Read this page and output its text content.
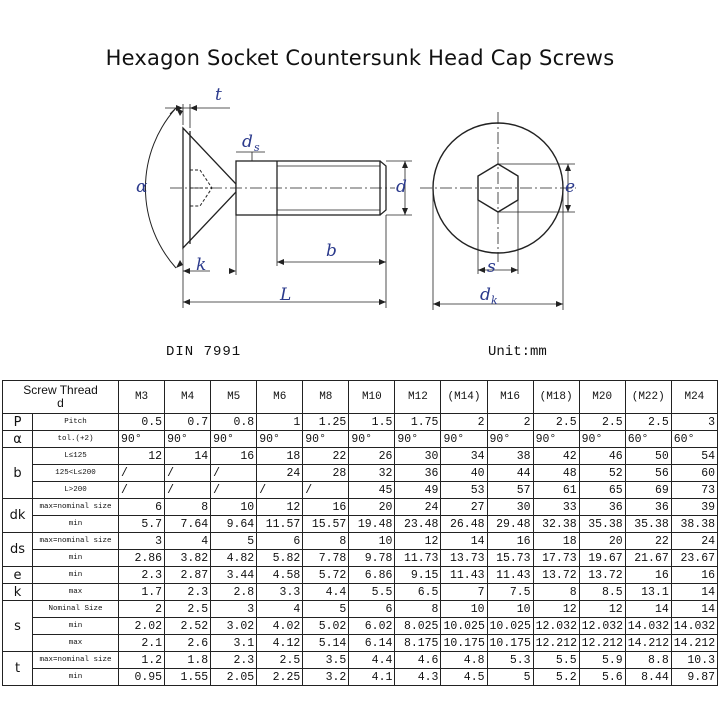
Hexagon Socket Countersunk Head Cap Screws
t
d s
α	d
k
b
L
e
s
d k
DIN 7991	Unit:mm
Screw Thread
d		M3	M4	M5	M6	M8	M10	M12	(M14)	M16	(M18)	M20	(M22)	M24
P	Pitch	0.5	0.7	0.8	1	1.25	1.5	1.75	2	2	2.5	2.5	2.5	3
α	tol.(+2)	90°	90°	90°	90°	90°	90°	90°	90°	90°	90°	90°	60°	60°
b	L≤125	12	14	16	18	22	26	30	34	38	42	46	50	54
	125<L≤200	/	/	/	24	28	32	36	40	44	48	52	56	60
	L>200	/	/	/	/	/	45	49	53	57	61	65	69	73
dk	max=nominal size	6	8	10	12	16	20	24	27	30	33	36	36	39
	min	5.7	7.64	9.64	11.57	15.57	19.48	23.48	26.48	29.48	32.38	35.38	35.38	38.38
ds	max=nominal size	3	4	5	6	8	10	12	14	16	18	20	22	24
	min	2.86	3.82	4.82	5.82	7.78	9.78	11.73	13.73	15.73	17.73	19.67	21.67	23.67
e	min	2.3	2.87	3.44	4.58	5.72	6.86	9.15	11.43	11.43	13.72	13.72	16	16
k	max	1.7	2.3	2.8	3.3	4.4	5.5	6.5	7	7.5	8	8.5	13.1	14
s	Nominal Size	2	2.5	3	4	5	6	8	10	10	12	12	14	14
	min	2.02	2.52	3.02	4.02	5.02	6.02	8.025	10.025	10.025	12.032	12.032	14.032	14.032
	max	2.1	2.6	3.1	4.12	5.14	6.14	8.175	10.175	10.175	12.212	12.212	14.212	14.212
t	max=nominal size	1.2	1.8	2.3	2.5	3.5	4.4	4.6	4.8	5.3	5.5	5.9	8.8	10.3
	min	0.95	1.55	2.05	2.25	3.2	4.1	4.3	4.5	5	5.2	5.6	8.44	9.87
